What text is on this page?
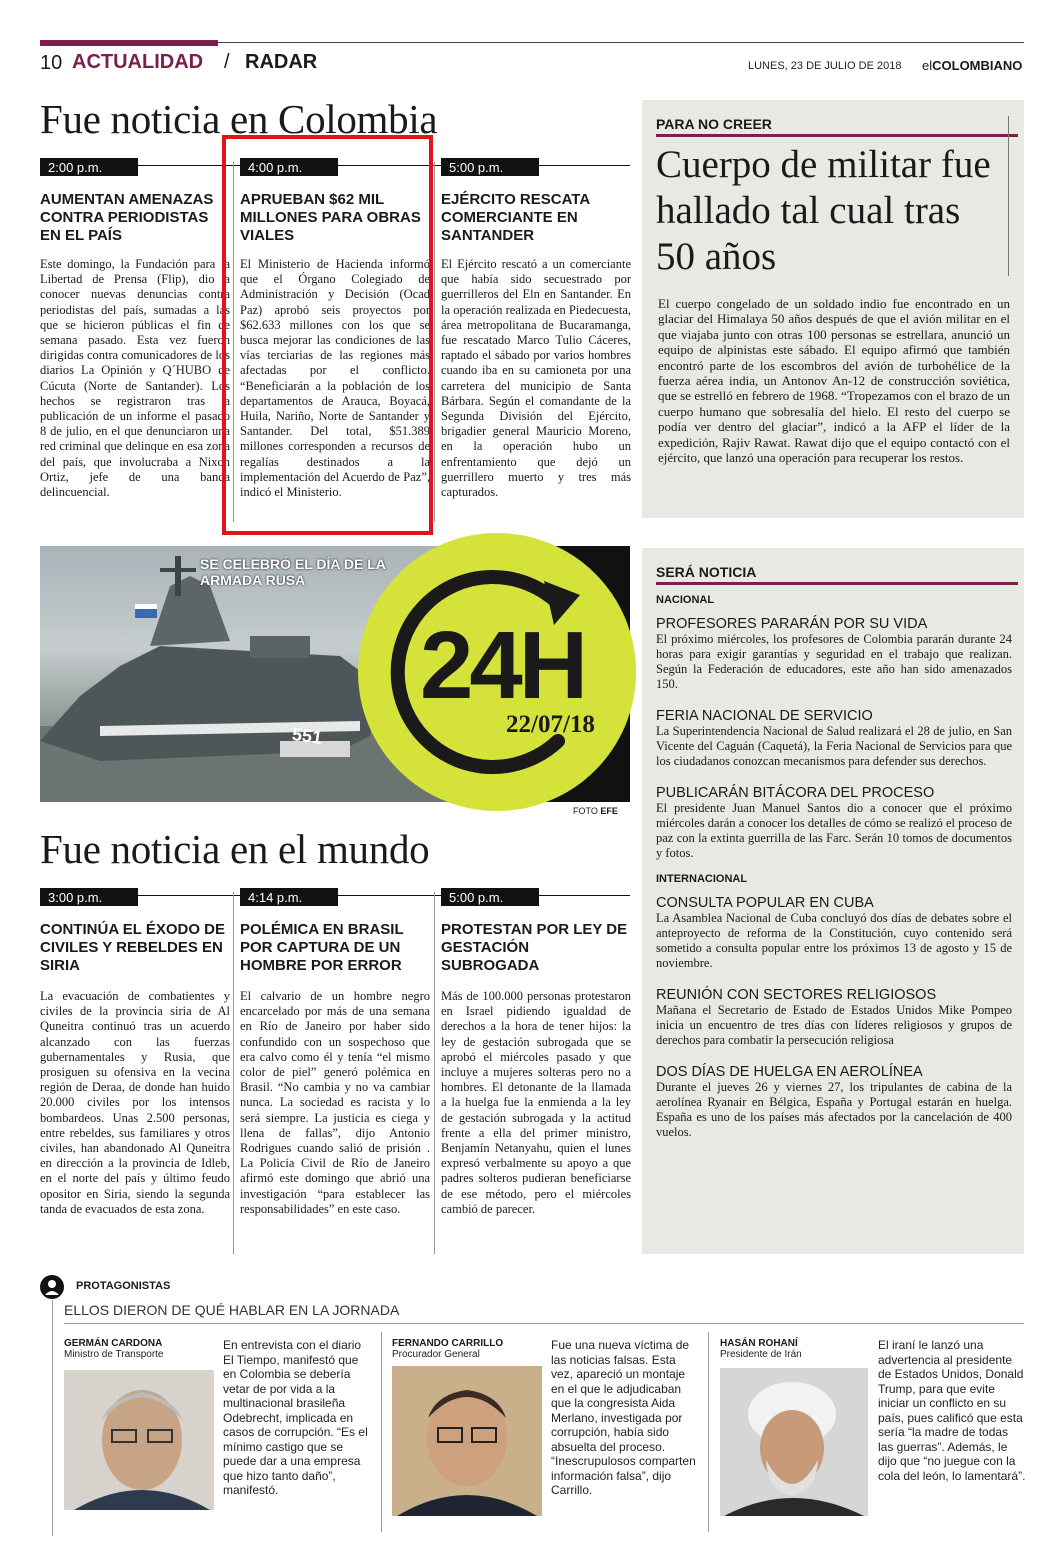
10 ACTUALIDAD / RADAR	LUNES, 23 DE JULIO DE 2018 elCOLOMBIANO
Fue noticia en Colombia
2:00 p.m.
AUMENTAN AMENAZAS CONTRA PERIODISTAS EN EL PAÍS
Este domingo, la Fundación para la Libertad de Prensa (Flip), dio a conocer nuevas denuncias contra periodistas del país, sumadas a las que se hicieron públicas el fin de semana pasado. Esta vez fueron dirigidas contra comunicadores de los diarios La Opinión y Q´HUBO de Cúcuta (Norte de Santander). Los hechos se registraron tras la publicación de un informe el pasado 8 de julio, en el que denunciaron una red criminal que delinque en esa zona del país, que involucraba a Nixon Ortiz, jefe de una banda delincuencial.
4:00 p.m.
APRUEBAN $62 MIL MILLONES PARA OBRAS VIALES
El Ministerio de Hacienda informó que el Órgano Colegiado de Administración y Decisión (Ocad Paz) aprobó seis proyectos por $62.633 millones con los que se busca mejorar las condiciones de las vías terciarias de las regiones más afectadas por el conflicto. “Beneficiarán a la población de los departamentos de Arauca, Boyacá, Huila, Nariño, Norte de Santander y Santander. Del total, $51.389 millones corresponden a recursos de regalías destinados a la implementación del Acuerdo de Paz”, indicó el Ministerio.
5:00 p.m.
EJÉRCITO RESCATA COMERCIANTE EN SANTANDER
El Ejército rescató a un comerciante que había sido secuestrado por guerrilleros del Eln en Santander. En la operación realizada en Piedecuesta, área metropolitana de Bucaramanga, fue rescatado Marco Tulio Cáceres, raptado el sábado por varios hombres cuando iba en su camioneta por una carretera del municipio de Santa Bárbara. Según el comandante de la Segunda División del Ejército, brigadier general Mauricio Moreno, en la operación hubo un enfrentamiento que dejó un guerrillero muerto y tres más capturados.
PARA NO CREER
Cuerpo de militar fue hallado tal cual tras 50 años
El cuerpo congelado de un soldado indio fue encontrado en un glaciar del Himalaya 50 años después de que el avión militar en el que viajaba junto con otras 100 personas se estrellara, anunció un equipo de alpinistas este sábado. El equipo afirmó que también encontró parte de los escombros del avión de turbohélice de la fuerza aérea india, un Antonov An-12 de construcción soviética, que se estrelló en febrero de 1968. “Tropezamos con el brazo de un cuerpo humano que sobresalía del hielo. El resto del cuerpo se podía ver dentro del glaciar”, indicó a la AFP el líder de la expedición, Rajiv Rawat. Rawat dijo que el equipo contactó con el ejército, que lanzó una operación para recuperar los restos.
SE CELEBRÓ EL DÍA DE LA ARMADA RUSA
551
24H
22/07/18
FOTO EFE
Fue noticia en el mundo
3:00 p.m.
CONTINÚA EL ÉXODO DE CIVILES Y REBELDES EN SIRIA
La evacuación de combatientes y civiles de la provincia siria de Al Quneitra continuó tras un acuerdo alcanzado con las fuerzas gubernamentales y Rusia, que prosiguen su ofensiva en la vecina región de Deraa, de donde han huido 20.000 civiles por los intensos bombardeos. Unas 2.500 personas, entre rebeldes, sus familiares y otros civiles, han abandonado Al Quneitra en dirección a la provincia de Idleb, en el norte del país y último feudo opositor en Siria, siendo la segunda tanda de evacuados de esta zona.
4:14 p.m.
POLÉMICA EN BRASIL POR CAPTURA DE UN HOMBRE POR ERROR
El calvario de un hombre negro encarcelado por más de una semana en Río de Janeiro por haber sido confundido con un sospechoso que era calvo como él y tenía “el mismo color de piel” generó polémica en Brasil. “No cambia y no va cambiar nunca. La sociedad es racista y lo será siempre. La justicia es ciega y llena de fallas”, dijo Antonio Rodrigues cuando salió de prisión . La Policía Civil de Río de Janeiro afirmó este domingo que abrió una investigación “para establecer las responsabilidades” en este caso.
5:00 p.m.
PROTESTAN POR LEY DE GESTACIÓN SUBROGADA
Más de 100.000 personas protestaron en Israel pidiendo igualdad de derechos a la hora de tener hijos: la ley de gestación subrogada que se aprobó el miércoles pasado y que incluye a mujeres solteras pero no a hombres. El detonante de la llamada a la huelga fue la enmienda a la ley de gestación subrogada y la actitud frente a ella del primer ministro, Benjamín Netanyahu, quien el lunes expresó verbalmente su apoyo a que padres solteros pudieran beneficiarse de ese método, pero el miércoles cambió de parecer.
SERÁ NOTICIA
NACIONAL
PROFESORES PARARÁN POR SU VIDA
El próximo miércoles, los profesores de Colombia pararán durante 24 horas para exigir garantías y seguridad en el trabajo que realizan. Según la Federación de educadores, este año han sido amenazados 150.
FERIA NACIONAL DE SERVICIO
La Superintendencia Nacional de Salud realizará el 28 de julio, en San Vicente del Caguán (Caquetá), la Feria Nacional de Servicios para que los ciudadanos conozcan mecanismos para defender sus derechos.
PUBLICARÁN BITÁCORA DEL PROCESO
El presidente Juan Manuel Santos dio a conocer que el próximo miércoles darán a conocer los detalles de cómo se realizó el proceso de paz con la extinta guerrilla de las Farc. Serán 10 tomos de documentos y fotos.
INTERNACIONAL
CONSULTA POPULAR EN CUBA
La Asamblea Nacional de Cuba concluyó dos días de debates sobre el anteproyecto de reforma de la Constitución, cuyo contenido será sometido a consulta popular entre los próximos 13 de agosto y 15 de noviembre.
REUNIÓN CON SECTORES RELIGIOSOS
Mañana el Secretario de Estado de Estados Unidos Mike Pompeo inicia un encuentro de tres días con líderes religiosos y grupos de derechos para combatir la persecución religiosa
DOS DÍAS DE HUELGA EN AEROLÍNEA
Durante el jueves 26 y viernes 27, los tripulantes de cabina de la aerolínea Ryanair en Bélgica, España y Portugal estarán en huelga. España es uno de los países más afectados por la cancelación de 400 vuelos.
PROTAGONISTAS
ELLOS DIERON DE QUÉ HABLAR EN LA JORNADA
GERMÁN CARDONA
Ministro de Transporte
En entrevista con el diario El Tiempo, manifestó que en Colombia se debería vetar de por vida a la multinacional brasileña Odebrecht, implicada en casos de corrupción. “Es el mínimo castigo que se puede dar a una empresa que hizo tanto daño”, manifestó.
FERNANDO CARRILLO
Procurador General
Fue una nueva víctima de las noticias falsas. Esta vez, apareció un montaje en el que le adjudicaban que la congresista Aida Merlano, investigada por corrupción, había sido absuelta del proceso. “Inescrupulosos comparten información falsa”, dijo Carrillo.
HASÁN ROHANÍ
Presidente de Irán
El iraní le lanzó una advertencia al presidente de Estados Unidos, Donald Trump, para que evite iniciar un conflicto en su país, pues calificó que esta sería “la madre de todas las guerras”. Además, le dijo que “no juegue con la cola del león, lo lamentará”.
